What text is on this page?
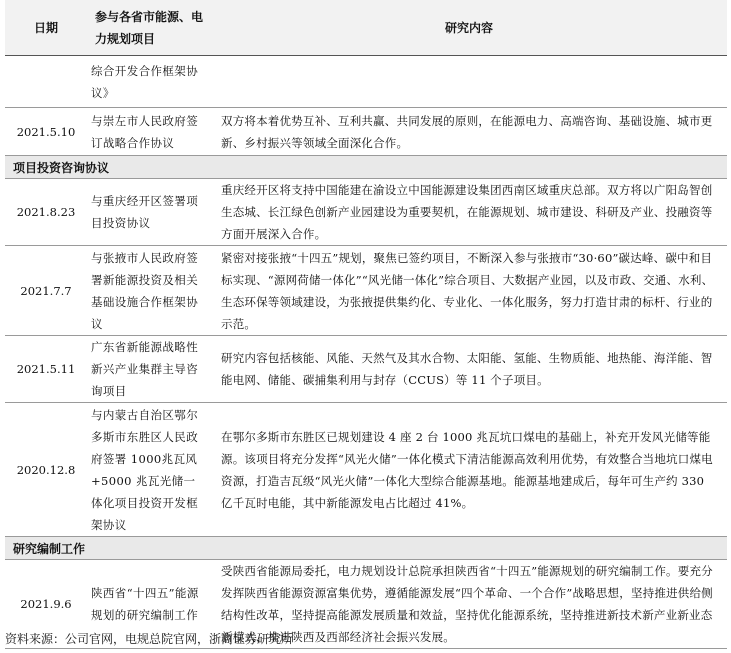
日期	参与各省市能源、电力规划项目	研究内容
	综合开发合作框架协议》	
2021.5.10	与崇左市人民政府签订战略合作协议	双方将本着优势互补、互利共赢、共同发展的原则，在能源电力、高端咨询、基础设施、城市更新、乡村振兴等领域全面深化合作。
项目投资咨询协议		
2021.8.23	与重庆经开区签署项目投资协议	重庆经开区将支持中国能建在渝设立中国能源建设集团西南区域重庆总部。双方将以广阳岛智创生态城、长江绿色创新产业园建设为重要契机，在能源规划、城市建设、科研及产业、投融资等方面开展深入合作。
2021.7.7	与张掖市人民政府签署新能源投资及相关基础设施合作框架协议	紧密对接张掖“十四五”规划，聚焦已签约项目，不断深入参与张掖市“30·60”碳达峰、碳中和目标实现、“源网荷储一体化”“风光储一体化”综合项目、大数据产业园，以及市政、交通、水利、生态环保等领域建设，为张掖提供集约化、专业化、一体化服务，努力打造甘肃的标杆、行业的示范。
2021.5.11	广东省新能源战略性新兴产业集群主导咨询项目	研究内容包括核能、风能、天然气及其水合物、太阳能、氢能、生物质能、地热能、海洋能、智能电网、储能、碳捕集利用与封存（CCUS）等 11 个子项目。
2020.12.8	与内蒙古自治区鄂尔多斯市东胜区人民政府签署 1000兆瓦风+5000 兆瓦光储一体化项目投资开发框架协议	在鄂尔多斯市东胜区已规划建设 4 座 2 台 1000 兆瓦坑口煤电的基础上，补充开发风光储等能源。该项目将充分发挥“风光火储”一体化模式下清洁能源高效利用优势，有效整合当地坑口煤电资源，打造吉瓦级“风光火储”一体化大型综合能源基地。能源基地建成后，每年可生产约 330 亿千瓦时电能，其中新能源发电占比超过 41%。
研究编制工作		
2021.9.6	陕西省“十四五”能源规划的研究编制工作	受陕西省能源局委托，电力规划设计总院承担陕西省“十四五”能源规划的研究编制工作。要充分发挥陕西省能源资源富集优势，遵循能源发展“四个革命、一个合作”战略思想，坚持推进供给侧结构性改革，坚持提高能源发展质量和效益，坚持优化能源系统，坚持推进新技术新产业新业态新模式，推进陕西及西部经济社会振兴发展。
资料来源：公司官网，电规总院官网，浙商证券研究所
